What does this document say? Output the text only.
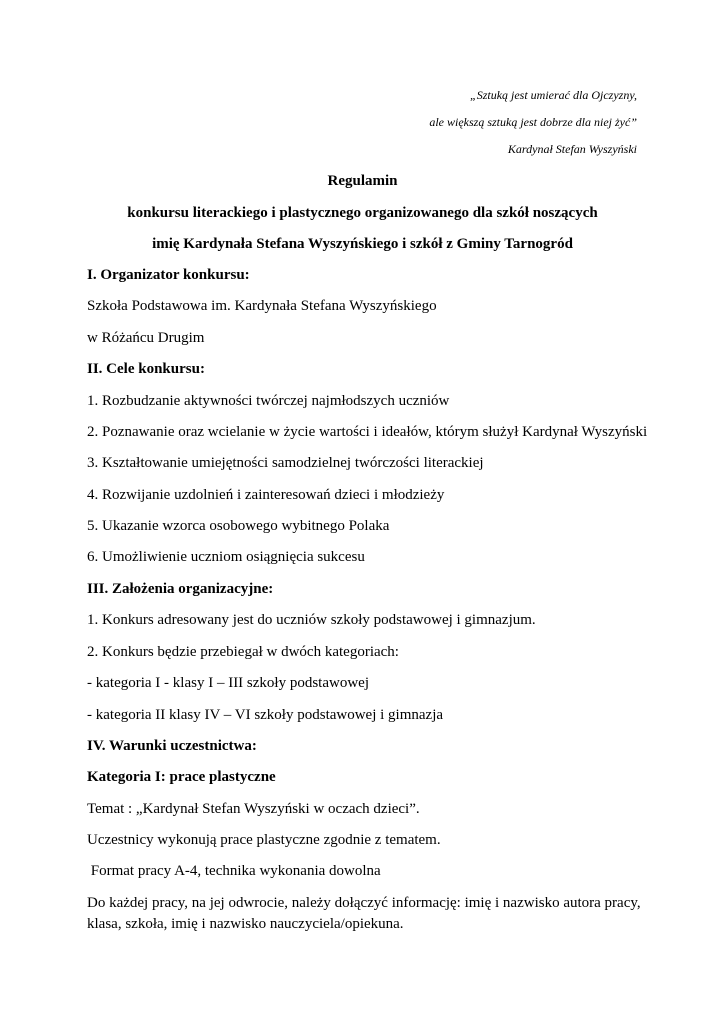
„Sztuką jest umierać dla Ojczyzny,
ale większą sztuką jest dobrze dla niej żyć”
Kardynał Stefan Wyszyński
Regulamin
konkursu literackiego i plastycznego organizowanego dla szkół noszących
imię Kardynała Stefana Wyszyńskiego i szkół z Gminy Tarnogród
I. Organizator konkursu:
Szkoła Podstawowa im. Kardynała Stefana Wyszyńskiego
w Różańcu Drugim
II. Cele konkursu:
1. Rozbudzanie aktywności twórczej najmłodszych uczniów
2. Poznawanie oraz wcielanie w życie wartości i ideałów, którym służył Kardynał Wyszyński
3. Kształtowanie umiejętności samodzielnej twórczości literackiej
4. Rozwijanie uzdolnień i zainteresowań dzieci i młodzieży
5. Ukazanie wzorca osobowego wybitnego Polaka
6. Umożliwienie uczniom osiągnięcia sukcesu
III. Założenia organizacyjne:
1. Konkurs adresowany jest do uczniów szkoły podstawowej i gimnazjum.
2. Konkurs będzie przebiegał w dwóch kategoriach:
- kategoria I - klasy I – III szkoły podstawowej
- kategoria II klasy IV – VI szkoły podstawowej i gimnazja
IV. Warunki uczestnictwa:
Kategoria I: prace plastyczne
Temat : „Kardynał Stefan Wyszyński w oczach dzieci”.
Uczestnicy wykonują prace plastyczne zgodnie z tematem.
Format pracy A-4, technika wykonania dowolna
Do każdej pracy, na jej odwrocie, należy dołączyć informację: imię i nazwisko autora pracy, klasa, szkoła, imię i nazwisko nauczyciela/opiekuna.
